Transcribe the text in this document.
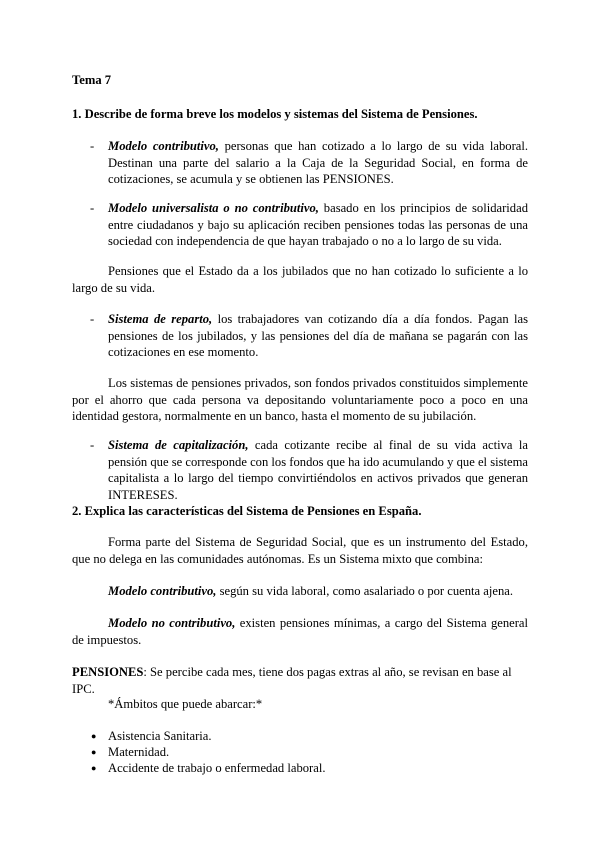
Tema 7

1. Describe de forma breve los modelos y sistemas del Sistema de Pensiones.

- Modelo contributivo, personas que han cotizado a lo largo de su vida laboral. Destinan una parte del salario a la Caja de la Seguridad Social, en forma de cotizaciones, se acumula y se obtienen las PENSIONES.

- Modelo universalista o no contributivo, basado en los principios de solidaridad entre ciudadanos y bajo su aplicación reciben pensiones todas las personas de una sociedad con independencia de que hayan trabajado o no a lo largo de su vida.

Pensiones que el Estado da a los jubilados que no han cotizado lo suficiente a lo largo de su vida.

- Sistema de reparto, los trabajadores van cotizando día a día fondos. Pagan las pensiones de los jubilados, y las pensiones del día de mañana se pagarán con las cotizaciones en ese momento.

Los sistemas de pensiones privados, son fondos privados constituidos simplemente por el ahorro que cada persona va depositando voluntariamente poco a poco en una identidad gestora, normalmente en un banco, hasta el momento de su jubilación.

- Sistema de capitalización, cada cotizante recibe al final de su vida activa la pensión que se corresponde con los fondos que ha ido acumulando y que el sistema capitalista a lo largo del tiempo convirtiéndolos en activos privados que generan INTERESES.

2. Explica las características del Sistema de Pensiones en España.

Forma parte del Sistema de Seguridad Social, que es un instrumento del Estado, que no delega en las comunidades autónomas. Es un Sistema mixto que combina:

Modelo contributivo, según su vida laboral, como asalariado o por cuenta ajena.

Modelo no contributivo, existen pensiones mínimas, a cargo del Sistema general de impuestos.

PENSIONES: Se percibe cada mes, tiene dos pagas extras al año, se revisan en base al IPC.

*Ámbitos que puede abarcar:*

● Asistencia Sanitaria.

● Maternidad.

● Accidente de trabajo o enfermedad laboral.
